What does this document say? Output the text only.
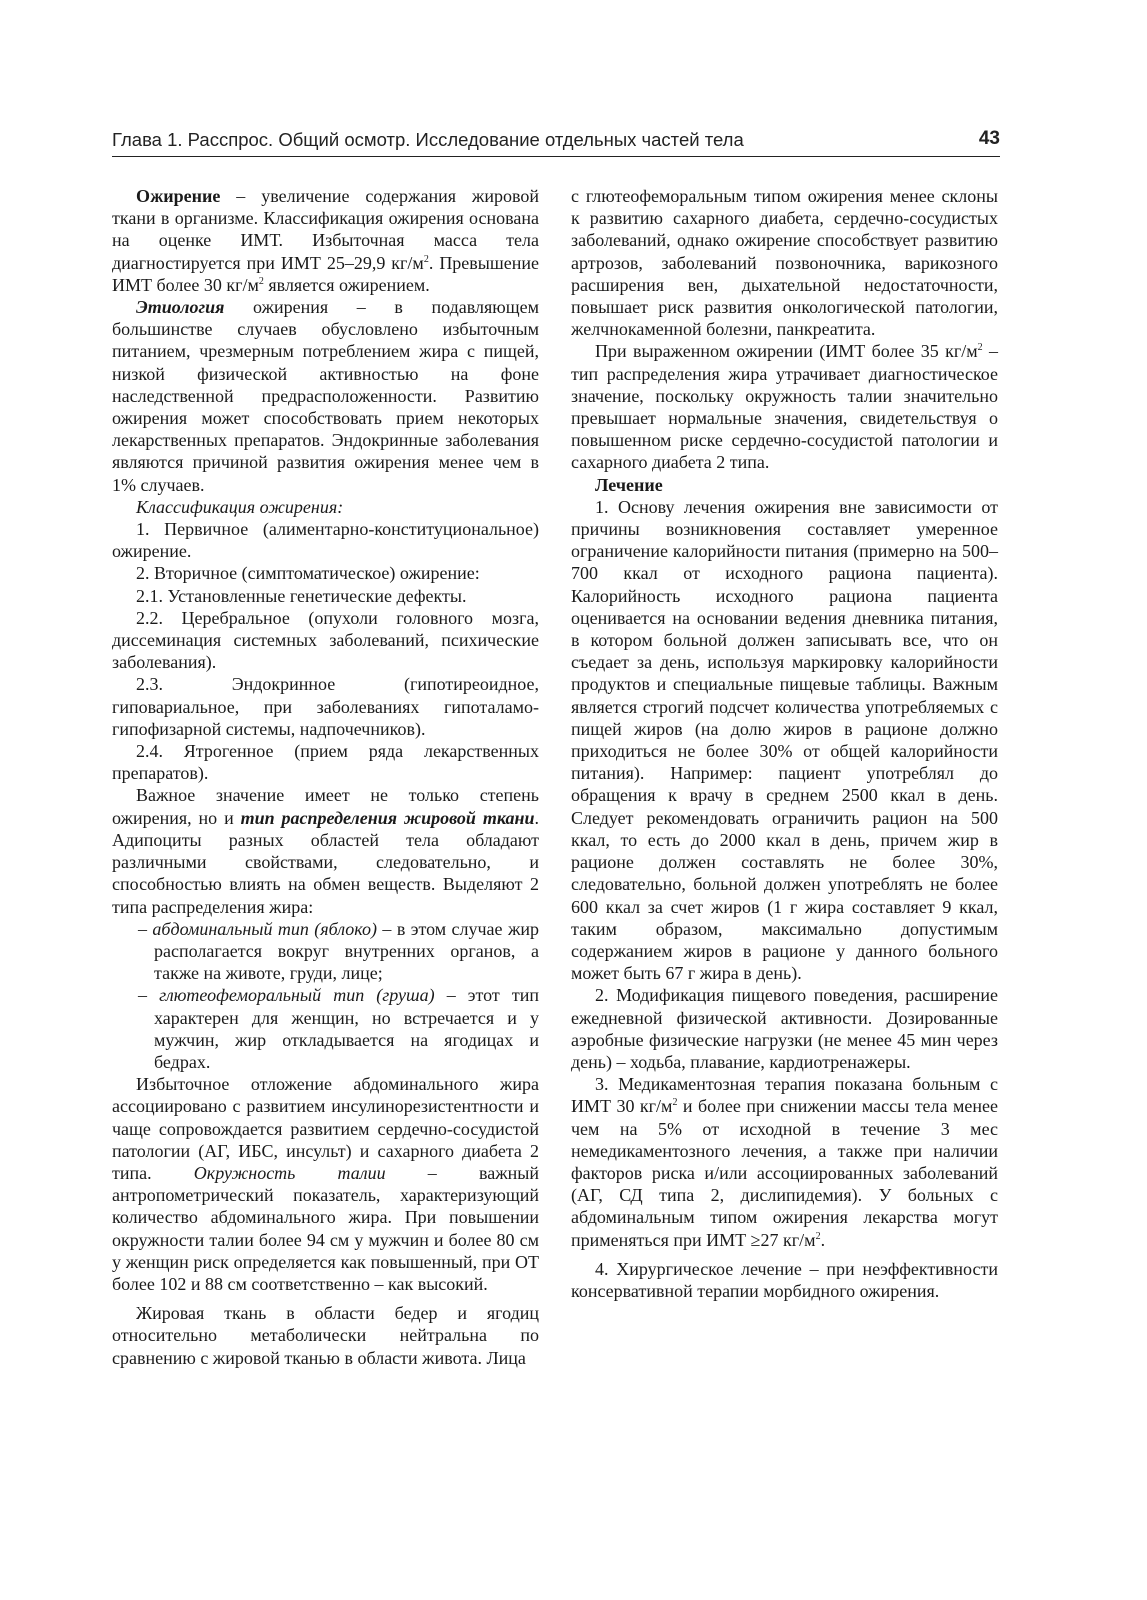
Глава 1. Расспрос. Общий осмотр. Исследование отдельных частей тела	43

Ожирение – увеличение содержания жировой ткани в организме. Классификация ожирения основана на оценке ИМТ. Избыточная масса тела диагностируется при ИМТ 25–29,9 $кг/м^2$. Превышение ИМТ более 30 $кг/м^2$ является ожирением.

Этиология ожирения – в подавляющем большинстве случаев обусловлено избыточным питанием, чрезмерным потреблением жира с пищей, низкой физической активностью на фоне наследственной предрасположенности. Развитию ожирения может способствовать прием некоторых лекарственных препаратов. Эндокринные заболевания являются причиной развития ожирения менее чем в 1% случаев.

Классификация ожирения:

1. Первичное (алиментарно-конституциональное) ожирение.

2. Вторичное (симптоматическое) ожирение:

2.1. Установленные генетические дефекты.

2.2. Церебральное (опухоли головного мозга, диссеминация системных заболеваний, психические заболевания).

2.3. Эндокринное (гипотиреоидное, гиповариальное, при заболеваниях гипоталамо-гипофизарной системы, надпочечников).

2.4. Ятрогенное (прием ряда лекарственных препаратов).

Важное значение имеет не только степень ожирения, но и тип распределения жировой ткани. Адипоциты разных областей тела обладают различными свойствами, следовательно, и способностью влиять на обмен веществ. Выделяют 2 типа распределения жира:

– абдоминальный тип (яблоко) – в этом случае жир располагается вокруг внутренних органов, а также на животе, груди, лице;
– глютеофеморальный тип (груша) – этот тип характерен для женщин, но встречается и у мужчин, жир откладывается на ягодицах и бедрах.

Избыточное отложение абдоминального жира ассоциировано с развитием инсулинорезистентности и чаще сопровождается развитием сердечно-сосудистой патологии (АГ, ИБС, инсульт) и сахарного диабета 2 типа. Окружность талии – важный антропометрический показатель, характеризующий количество абдоминального жира. При повышении окружности талии более 94 см у мужчин и более 80 см у женщин риск определяется как повышенный, при ОТ более 102 и 88 см соответственно – как высокий.

Жировая ткань в области бедер и ягодиц относительно метаболически нейтральна по сравнению с жировой тканью в области живота. Лица

с глютеофеморальным типом ожирения менее склоны к развитию сахарного диабета, сердечно-сосудистых заболеваний, однако ожирение способствует развитию артрозов, заболеваний позвоночника, варикозного расширения вен, дыхательной недостаточности, повышает риск развития онкологической патологии, желчнокаменной болезни, панкреатита.

При выраженном ожирении (ИМТ более 35 $кг/м^2$ – тип распределения жира утрачивает диагностическое значение, поскольку окружность талии значительно превышает нормальные значения, свидетельствуя о повышенном риске сердечно-сосудистой патологии и сахарного диабета 2 типа.

Лечение

1. Основу лечения ожирения вне зависимости от причины возникновения составляет умеренное ограничение калорийности питания (примерно на 500–700 ккал от исходного рациона пациента). Калорийность исходного рациона пациента оценивается на основании ведения дневника питания, в котором больной должен записывать все, что он съедает за день, используя маркировку калорийности продуктов и специальные пищевые таблицы. Важным является строгий подсчет количества употребляемых с пищей жиров (на долю жиров в рационе должно приходиться не более 30% от общей калорийности питания). Например: пациент употреблял до обращения к врачу в среднем 2500 ккал в день. Следует рекомендовать ограничить рацион на 500 ккал, то есть до 2000 ккал в день, причем жир в рационе должен составлять не более 30%, следовательно, больной должен употреблять не более 600 ккал за счет жиров (1 г жира составляет 9 ккал, таким образом, максимально допустимым содержанием жиров в рационе у данного больного может быть 67 г жира в день).

2. Модификация пищевого поведения, расширение ежедневной физической активности. Дозированные аэробные физические нагрузки (не менее 45 мин через день) – ходьба, плавание, кардиотренажеры.

3. Медикаментозная терапия показана больным с ИМТ 30 $кг/м^2$ и более при снижении массы тела менее чем на 5% от исходной в течение 3 мес немедикаментозного лечения, а также при наличии факторов риска и/или ассоциированных заболеваний (АГ, СД типа 2, дислипидемия). У больных с абдоминальным типом ожирения лекарства могут применяться при ИМТ ≥27 $кг/м^2$.

4. Хирургическое лечение – при неэффективности консервативной терапии морбидного ожирения.
